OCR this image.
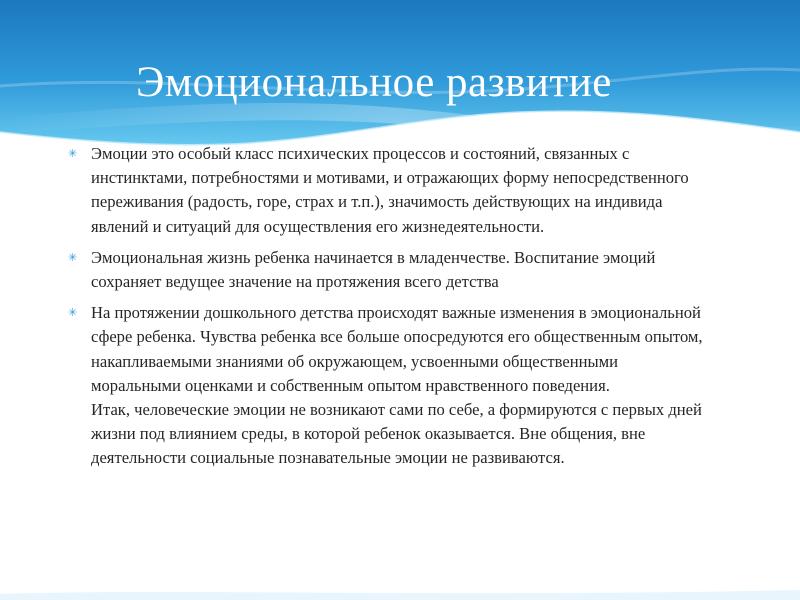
Эмоциональное развитие
✳ Эмоции это особый класс психических процессов и состояний, связанных с инстинктами, потребностями и мотивами, и отражающих форму непосредственного переживания (радость, горе, страх и т.п.), значимость действующих на индивида явлений и ситуаций для осуществления его жизнедеятельности.
✳ Эмоциональная жизнь ребенка начинается в младенчестве. Воспитание эмоций сохраняет ведущее значение на протяжения всего детства
✳ На протяжении дошкольного детства происходят важные изменения в эмоциональной сфере ребенка. Чувства ребенка все больше опосредуются его общественным опытом, накапливаемыми знаниями об окружающем, усвоенными общественными моральными оценками и собственным опытом нравственного поведения.
Итак, человеческие эмоции не возникают сами по себе, а формируются с первых дней жизни под влиянием среды, в которой ребенок оказывается. Вне общения, вне деятельности социальные познавательные эмоции не развиваются.
